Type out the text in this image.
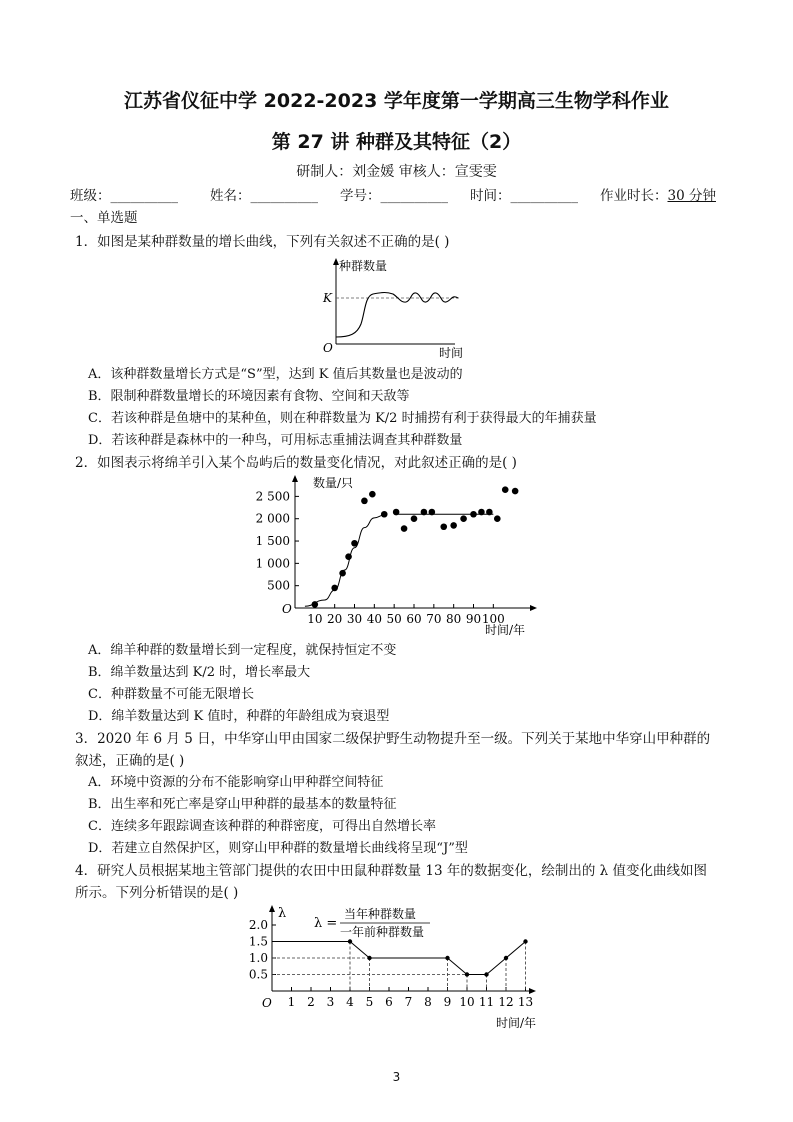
江苏省仪征中学 2022-2023 学年度第一学期高三生物学科作业
第 27 讲 种群及其特征（2）
研制人：刘金媛 审核人：宣雯雯
班级：__________ 姓名：__________ 学号：__________ 时间：__________ 作业时长：30 分钟
一、单选题
1．如图是某种群数量的增长曲线，下列有关叙述不正确的是( )
种群数量
K
O	时间
A．该种群数量增长方式是“S”型，达到 K 值后其数量也是波动的
B．限制种群数量增长的环境因素有食物、空间和天敌等
C．若该种群是鱼塘中的某种鱼，则在种群数量为 K/2 时捕捞有利于获得最大的年捕获量
D．若该种群是森林中的一种鸟，可用标志重捕法调查其种群数量
2．如图表示将绵羊引入某个岛屿后的数量变化情况，对此叙述正确的是( )
2 500
2 000
1 500
1 000
500
10 20 30 40 50 60 70 80 90 100
数量/只
O
时间/年
A．绵羊种群的数量增长到一定程度，就保持恒定不变
B．绵羊数量达到 K/2 时，增长率最大
C．种群数量不可能无限增长
D．绵羊数量达到 K 值时，种群的年龄组成为衰退型
3．2020 年 6 月 5 日，中华穿山甲由国家二级保护野生动物提升至一级。下列关于某地中华穿山甲种群的
叙述，正确的是( )
A．环境中资源的分布不能影响穿山甲种群空间特征
B．出生率和死亡率是穿山甲种群的最基本的数量特征
C．连续多年跟踪调查该种群的种群密度，可得出自然增长率
D．若建立自然保护区，则穿山甲种群的数量增长曲线将呈现“J”型
4．研究人员根据某地主管部门提供的农田中田鼠种群数量 13 年的数据变化，绘制出的 λ 值变化曲线如图
所示。下列分析错误的是( )
2.0
1.5
1.0
0.5
1 2 3 4 5 6 7 8 9 10 11 12 13
λ
O
时间/年
λ =
当年种群数量
一年前种群数量
3
